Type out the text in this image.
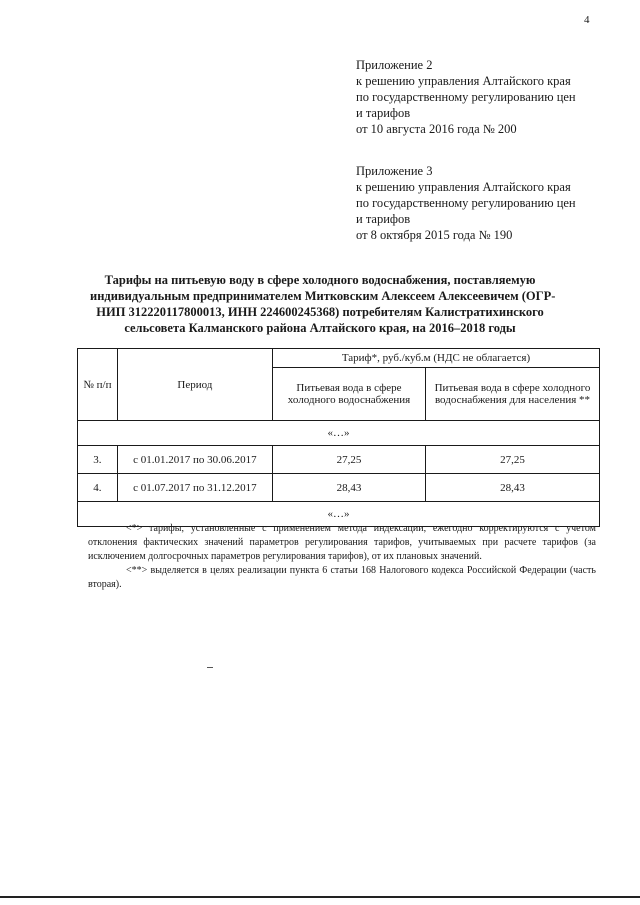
4
Приложение 2
к решению управления Алтайского края
по государственному регулированию цен
и тарифов
от 10 августа 2016 года № 200
Приложение 3
к решению управления Алтайского края
по государственному регулированию цен
и тарифов
от 8 октября 2015 года № 190
Тарифы на питьевую воду в сфере холодного водоснабжения, поставляемую
индивидуальным предпринимателем Митковским Алексеем Алексеевичем (ОГР-
НИП 312220117800013, ИНН 224600245368) потребителям Калистратихинского
сельсовета Калманского района Алтайского края, на 2016–2018 годы
№ п/п	Период	Тариф*, руб./куб.м (НДС не облагается)	
		Питьевая вода в сфере холодного водоснабжения	Питьевая вода в сфере холодного водоснабжения для населения **
«…»			
3.	с 01.01.2017 по 30.06.2017	27,25	27,25
4.	с 01.07.2017 по 31.12.2017	28,43	28,43
«…»			

<*> тарифы, установленные с применением метода индексации, ежегодно корректируются с учетом отклонения фактических значений параметров регулирования тарифов, учитываемых при расчете тарифов (за исключением долгосрочных параметров регулирования тарифов), от их плановых значений.

<**> выделяется в целях реализации пункта 6 статьи 168 Налогового кодекса Российской Федерации (часть вторая).
